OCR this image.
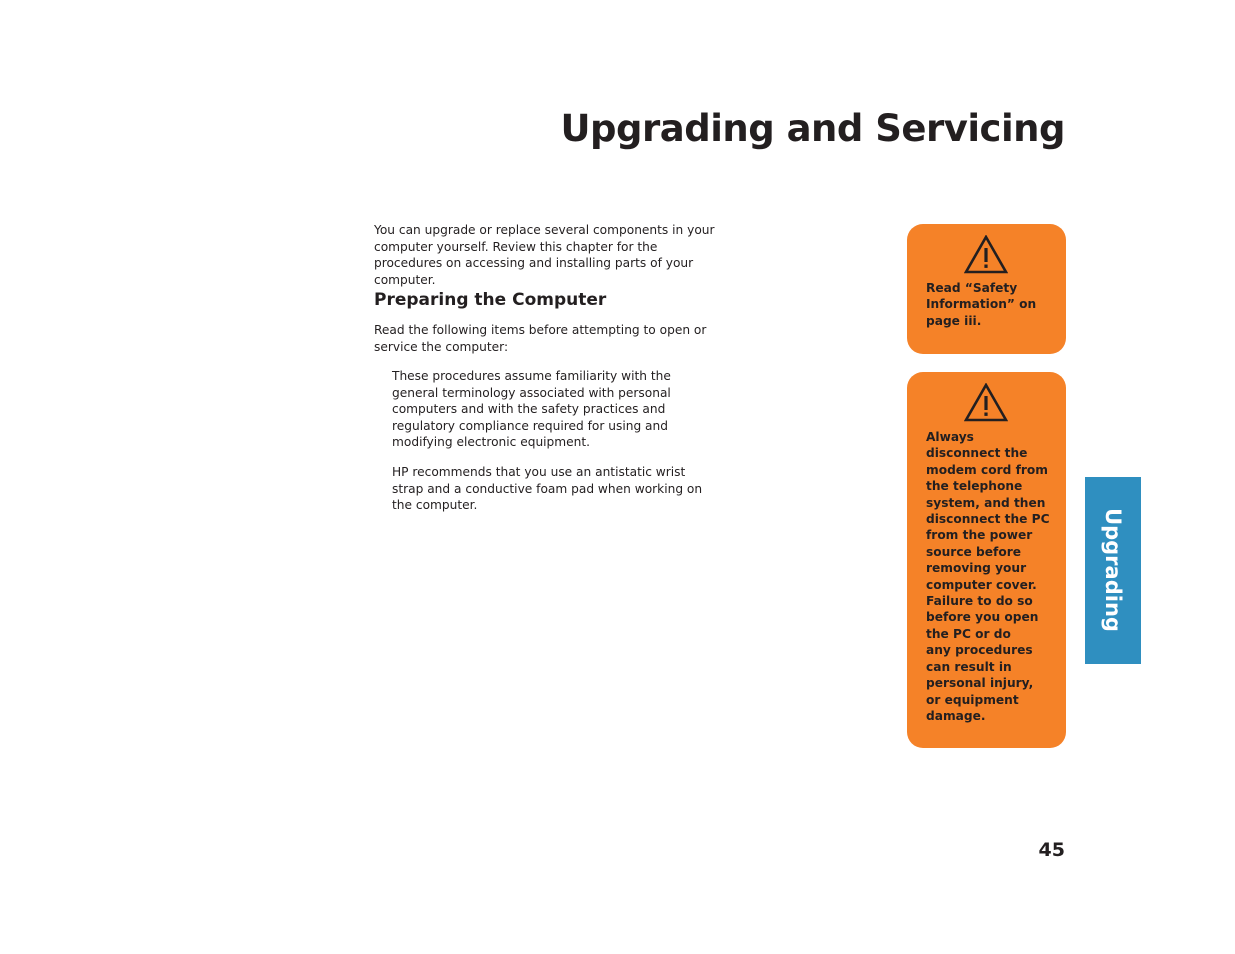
Upgrading and Servicing

You can upgrade or replace several components in your computer yourself. Review this chapter for the procedures on accessing and installing parts of your computer.

Preparing the Computer

Read the following items before attempting to open or service the computer:

These procedures assume familiarity with the general terminology associated with personal computers and with the safety practices and regulatory compliance required for using and modifying electronic equipment.

HP recommends that you use an antistatic wrist strap and a conductive foam pad when working on the computer.

Read “Safety
Information” on
page iii.

Always
disconnect the
modem cord from
the telephone
system, and then
disconnect the PC
from the power
source before
removing your
computer cover.
Failure to do so
before you open
the PC or do
any procedures
can result in
personal injury,
or equipment
damage.

Upgrading

45
